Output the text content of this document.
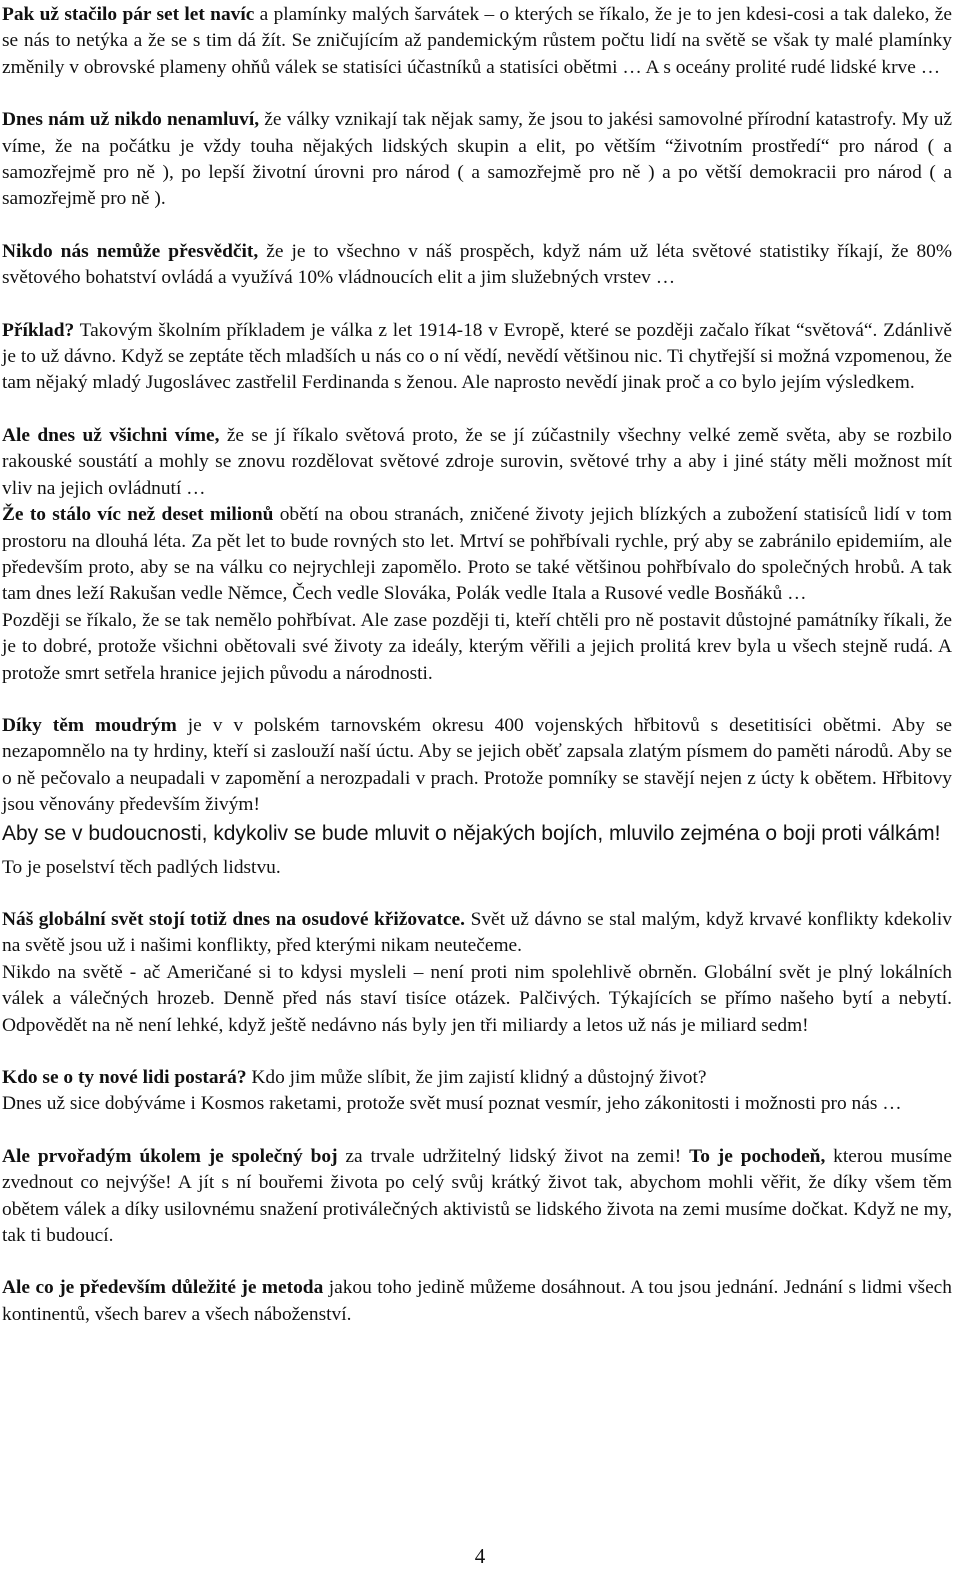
Pak už stačilo pár set let navíc a plamínky malých šarvátek – o kterých se říkalo, že je to jen kdesi-cosi a tak daleko, že se nás to netýka a že se s tim dá žít. Se zničujícím až pandemickým růstem počtu lidí na světě se však ty malé plamínky změnily v obrovské plameny ohňů válek se statisíci účastníků a statisíci obětmi … A s oceány prolité rudé lidské krve …

Dnes nám už nikdo nenamluví, že války vznikají tak nějak samy, že jsou to jakési samovolné přírodní katastrofy. My už víme, že na počátku je vždy touha nějakých lidských skupin a elit, po větším “životním prostředí“ pro národ ( a samozřejmě pro ně ), po lepší životní úrovni pro národ ( a samozřejmě pro ně ) a po větší demokracii pro národ ( a samozřejmě pro ně ).

Nikdo nás nemůže přesvědčit, že je to všechno v náš prospěch, když nám už léta světové statistiky říkají, že 80% světového bohatství ovládá a využívá 10% vládnoucích elit a jim služebných vrstev …

Příklad? Takovým školním příkladem je válka z let 1914-18 v Evropě, které se později začalo říkat “světová“. Zdánlivě je to už dávno. Když se zeptáte těch mladších u nás co o ní vědí, nevědí většinou nic. Ti chytřejší si možná vzpomenou, že tam nějaký mladý Jugoslávec zastřelil Ferdinanda s ženou. Ale naprosto nevědí jinak proč a co bylo jejím výsledkem.

Ale dnes už všichni víme, že se jí říkalo světová proto, že se jí zúčastnily všechny velké země světa, aby se rozbilo rakouské soustátí a mohly se znovu rozdělovat světové zdroje surovin, světové trhy a aby i jiné státy měli možnost mít vliv na jejich ovládnutí …

Že to stálo víc než deset milionů obětí na obou stranách, zničené životy jejich blízkých a zubožení statisíců lidí v tom prostoru na dlouhá léta. Za pět let to bude rovných sto let. Mrtví se pohřbívali rychle, prý aby se zabránilo epidemiím, ale především proto, aby se na válku co nejrychleji zapomělo. Proto se také většinou pohřbívalo do společných hrobů. A tak tam dnes leží Rakušan vedle Němce, Čech vedle Slováka, Polák vedle Itala a Rusové vedle Bosňáků …

Později se říkalo, že se tak nemělo pohřbívat. Ale zase později ti, kteří chtěli pro ně postavit důstojné památníky říkali, že je to dobré, protože všichni obětovali své životy za ideály, kterým věřili a jejich prolitá krev byla u všech stejně rudá. A protože smrt setřela hranice jejich původu a národnosti.

Díky těm moudrým je v v polském tarnovském okresu 400 vojenských hřbitovů s desetitisíci obětmi. Aby se nezapomnělo na ty hrdiny, kteří si zaslouží naší úctu. Aby se jejich oběť zapsala zlatým písmem do paměti národů. Aby se o ně pečovalo a neupadali v zapomění a nerozpadali v prach. Protože pomníky se stavějí nejen z úcty k obětem. Hřbitovy jsou věnovány především živým!

Aby se v budoucnosti, kdykoliv se bude mluvit o nějakých bojích, mluvilo zejména o boji proti válkám!

To je poselství těch padlých lidstvu.

Náš globální svět stojí totiž dnes na osudové křižovatce. Svět už dávno se stal malým, když krvavé konflikty kdekoliv na světě jsou už i našimi konflikty, před kterými nikam neutečeme.

Nikdo na světě - ač Američané si to kdysi mysleli – není proti nim spolehlivě obrněn. Globální svět je plný lokálních válek a válečných hrozeb. Denně před nás staví tisíce otázek. Palčivých. Týkajících se přímo našeho bytí a nebytí. Odpovědět na ně není lehké, když ještě nedávno nás byly jen tři miliardy a letos už nás je miliard sedm!

Kdo se o ty nové lidi postará? Kdo jim může slíbit, že jim zajistí klidný a důstojný život?

Dnes už sice dobýváme i Kosmos raketami, protože svět musí poznat vesmír, jeho zákonitosti i možnosti pro nás …

Ale prvořadým úkolem je společný boj za trvale udržitelný lidský život na zemi! To je pochodeň, kterou musíme zvednout co nejvýše! A jít s ní bouřemi života po celý svůj krátký život tak, abychom mohli věřit, že díky všem těm obětem válek a díky usilovnému snažení protiválečných aktivistů se lidského života na zemi musíme dočkat. Když ne my, tak ti budoucí.

Ale co je především důležité je metoda jakou toho jedině můžeme dosáhnout. A tou jsou jednání. Jednání s lidmi všech kontinentů, všech barev a všech náboženství.

4
